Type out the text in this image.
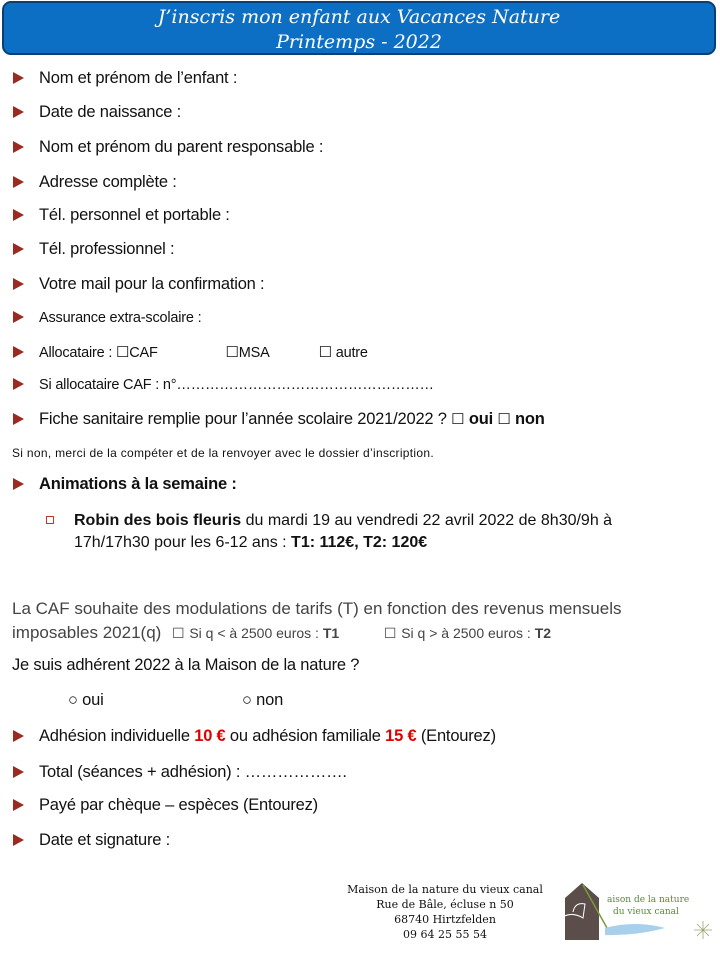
J’inscris mon enfant aux Vacances Nature
Printemps - 2022
Nom et prénom de l’enfant :
Date de naissance :
Nom et prénom du parent responsable :
Adresse complète :
Tél. personnel et portable :
Tél. professionnel :
Votre mail pour la confirmation :
Assurance extra-scolaire :
Allocataire : ☐CAF	☐MSA	☐ autre
Si allocataire CAF : n°………………………………………………
Fiche sanitaire remplie pour l’année scolaire 2021/2022 ? ☐ oui ☐ non
Si non, merci de la compéter et de la renvoyer avec le dossier d’inscription.
Animations à la semaine :
Robin des bois fleuris du mardi 19 au vendredi 22 avril 2022 de 8h30/9h à 17h/17h30 pour les 6-12 ans : T1: 112€, T2: 120€
La CAF souhaite des modulations de tarifs (T) en fonction des revenus mensuels
imposables 2021(q) ☐ Si q < à 2500 euros : T1	☐ Si q > à 2500 euros : T2
Je suis adhérent 2022 à la Maison de la nature ?
○ oui	○ non
Adhésion individuelle 10 € ou adhésion familiale 15 € (Entourez)
Total (séances + adhésion) : ……………….
Payé par chèque – espèces (Entourez)
Date et signature :
Maison de la nature du vieux canal
Rue de Bâle, écluse n 50
68740 Hirtzfelden
09 64 25 55 54
aison de la nature
du vieux canal
